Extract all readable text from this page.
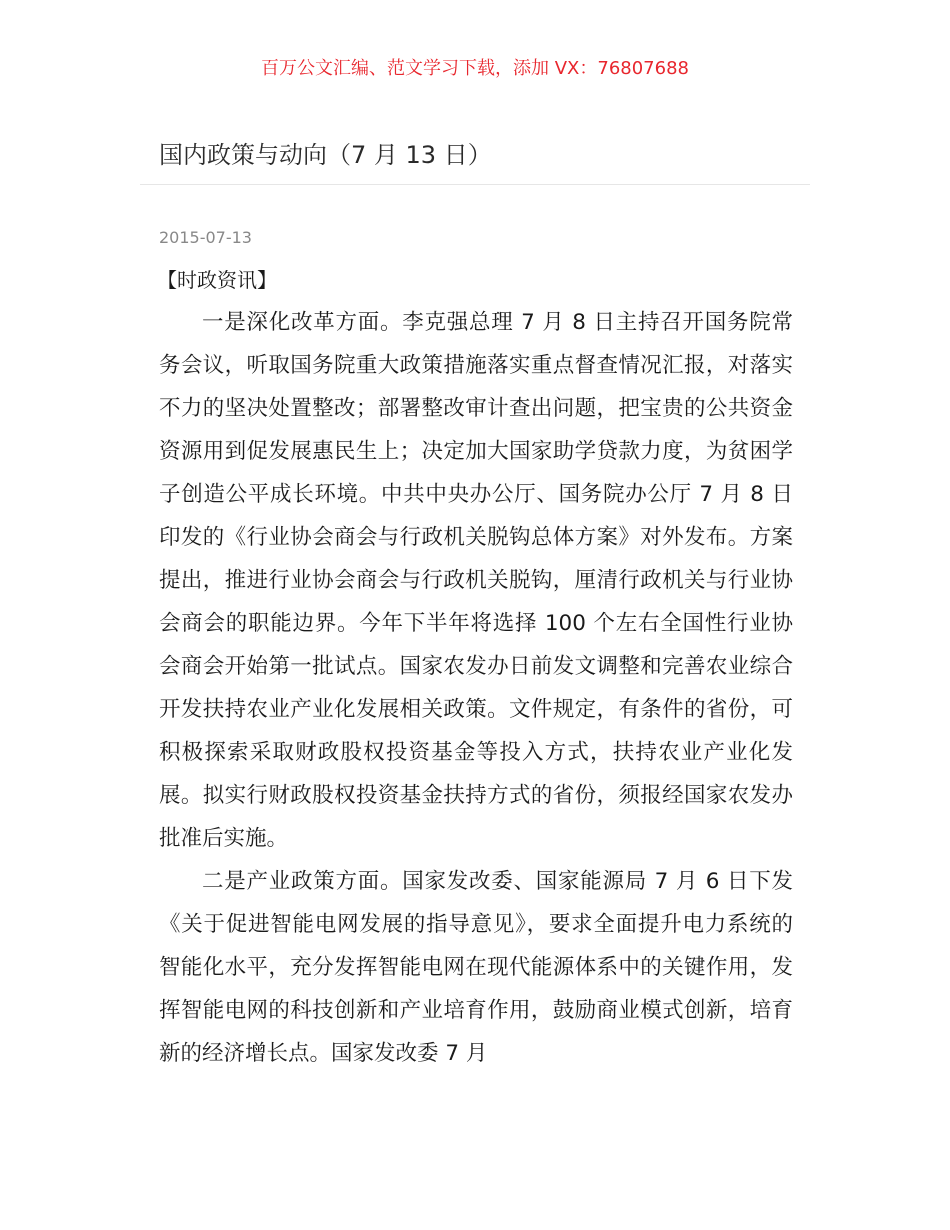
百万公文汇编、范文学习下载，添加 VX：76807688
国内政策与动向（7 月 13 日）
2015-07-13
【时政资讯】

一是深化改革方面。李克强总理 7 月 8 日主持召开国务院常务会议，听取国务院重大政策措施落实重点督查情况汇报，对落实不力的坚决处置整改；部署整改审计查出问题，把宝贵的公共资金资源用到促发展惠民生上；决定加大国家助学贷款力度，为贫困学子创造公平成长环境。中共中央办公厅、国务院办公厅 7 月 8 日印发的《行业协会商会与行政机关脱钩总体方案》对外发布。方案提出，推进行业协会商会与行政机关脱钩，厘清行政机关与行业协会商会的职能边界。今年下半年将选择 100 个左右全国性行业协会商会开始第一批试点。国家农发办日前发文调整和完善农业综合开发扶持农业产业化发展相关政策。文件规定，有条件的省份，可积极探索采取财政股权投资基金等投入方式，扶持农业产业化发展。拟实行财政股权投资基金扶持方式的省份，须报经国家农发办批准后实施。

二是产业政策方面。国家发改委、国家能源局 7 月 6 日下发《关于促进智能电网发展的指导意见》，要求全面提升电力系统的智能化水平，充分发挥智能电网在现代能源体系中的关键作用，发挥智能电网的科技创新和产业培育作用，鼓励商业模式创新，培育新的经济增长点。国家发改委 7 月
